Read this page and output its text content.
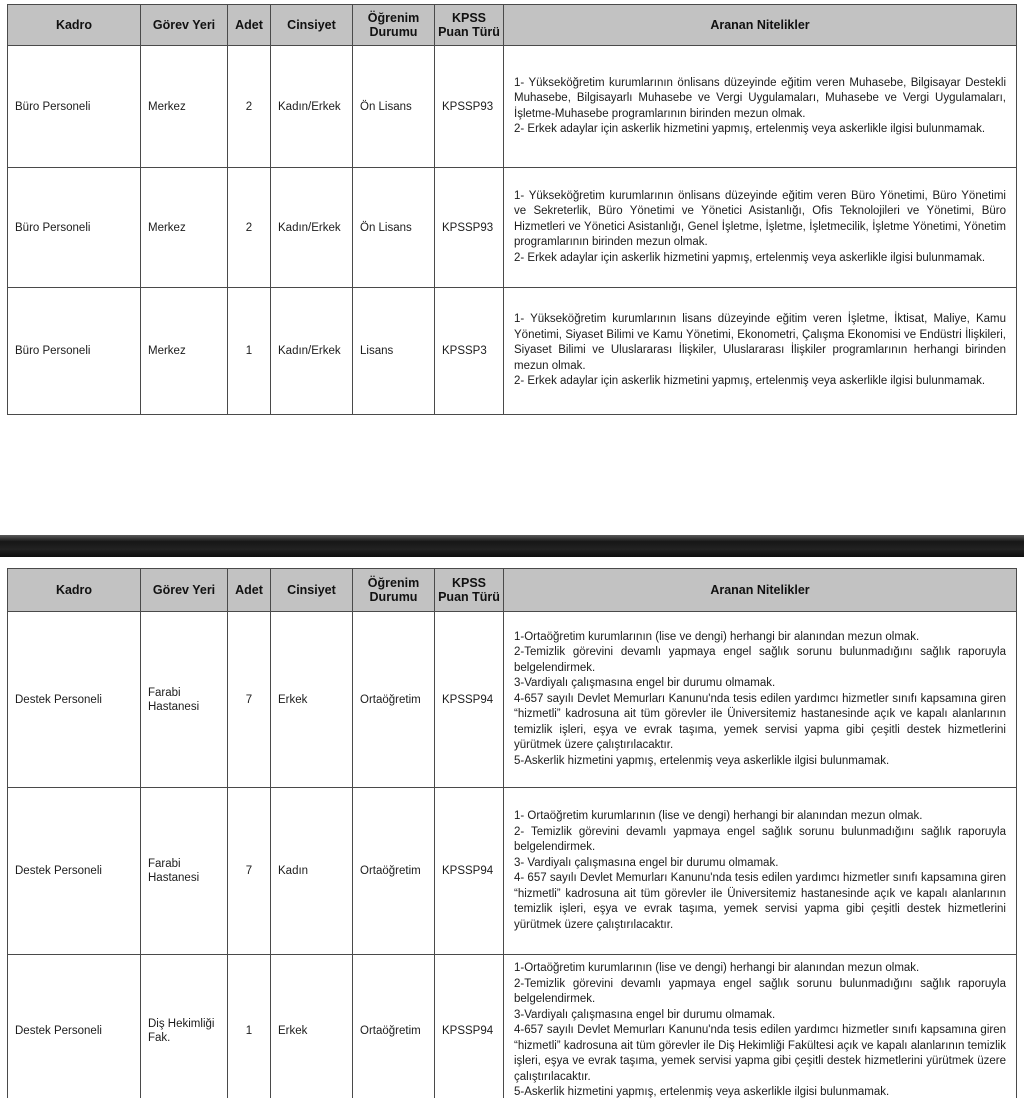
Kadro	Görev Yeri	Adet	Cinsiyet	Öğrenim Durumu	KPSS Puan Türü	Aranan Nitelikler
Büro Personeli	Merkez	2	Kadın/Erkek	Ön Lisans	KPSSP93	1- Yükseköğretim kurumlarının önlisans düzeyinde eğitim veren Muhasebe, Bilgisayar Destekli Muhasebe, Bilgisayarlı Muhasebe ve Vergi Uygulamaları, Muhasebe ve Vergi Uygulamaları, İşletme-Muhasebe programlarının birinden mezun olmak.
2- Erkek adaylar için askerlik hizmetini yapmış, ertelenmiş veya askerlikle ilgisi bulunmamak.

Büro Personeli	Merkez	2	Kadın/Erkek	Ön Lisans	KPSSP93	1- Yükseköğretim kurumlarının önlisans düzeyinde eğitim veren Büro Yönetimi, Büro Yönetimi ve Sekreterlik, Büro Yönetimi ve Yönetici Asistanlığı, Ofis Teknolojileri ve Yönetimi, Büro Hizmetleri ve Yönetici Asistanlığı, Genel İşletme, İşletme, İşletmecilik, İşletme Yönetimi, Yönetim programlarının birinden mezun olmak.
2- Erkek adaylar için askerlik hizmetini yapmış, ertelenmiş veya askerlikle ilgisi bulunmamak.

Büro Personeli	Merkez	1	Kadın/Erkek	Lisans	KPSSP3	1- Yükseköğretim kurumlarının lisans düzeyinde eğitim veren İşletme, İktisat, Maliye, Kamu Yönetimi, Siyaset Bilimi ve Kamu Yönetimi, Ekonometri, Çalışma Ekonomisi ve Endüstri İlişkileri, Siyaset Bilimi ve Uluslararası İlişkiler, Uluslararası İlişkiler programlarının herhangi birinden mezun olmak.
2- Erkek adaylar için askerlik hizmetini yapmış, ertelenmiş veya askerlikle ilgisi bulunmamak.
Kadro	Görev Yeri	Adet	Cinsiyet	Öğrenim Durumu	KPSS Puan Türü	Aranan Nitelikler
Destek Personeli	Farabi Hastanesi	7	Erkek	Ortaöğretim	KPSSP94	1-Ortaöğretim kurumlarının (lise ve dengi) herhangi bir alanından mezun olmak.
2-Temizlik görevini devamlı yapmaya engel sağlık sorunu bulunmadığını sağlık raporuyla belgelendirmek.
3-Vardiyalı çalışmasına engel bir durumu olmamak.
4-657 sayılı Devlet Memurları Kanunu'nda tesis edilen yardımcı hizmetler sınıfı kapsamına giren “hizmetli” kadrosuna ait tüm görevler ile Üniversitemiz hastanesinde açık ve kapalı alanlarının temizlik işleri, eşya ve evrak taşıma, yemek servisi yapma gibi çeşitli destek hizmetlerini yürütmek üzere çalıştırılacaktır.
5-Askerlik hizmetini yapmış, ertelenmiş veya askerlikle ilgisi bulunmamak.

Destek Personeli	Farabi Hastanesi	7	Kadın	Ortaöğretim	KPSSP94	1- Ortaöğretim kurumlarının (lise ve dengi) herhangi bir alanından mezun olmak.
2- Temizlik görevini devamlı yapmaya engel sağlık sorunu bulunmadığını sağlık raporuyla belgelendirmek.
3- Vardiyalı çalışmasına engel bir durumu olmamak.
4- 657 sayılı Devlet Memurları Kanunu'nda tesis edilen yardımcı hizmetler sınıfı kapsamına giren “hizmetli” kadrosuna ait tüm görevler ile Üniversitemiz hastanesinde açık ve kapalı alanlarının temizlik işleri, eşya ve evrak taşıma, yemek servisi yapma gibi çeşitli destek hizmetlerini yürütmek üzere çalıştırılacaktır.

Destek Personeli	Diş Hekimliği Fak.	1	Erkek	Ortaöğretim	KPSSP94	1-Ortaöğretim kurumlarının (lise ve dengi) herhangi bir alanından mezun olmak.
2-Temizlik görevini devamlı yapmaya engel sağlık sorunu bulunmadığını sağlık raporuyla belgelendirmek.
3-Vardiyalı çalışmasına engel bir durumu olmamak.
4-657 sayılı Devlet Memurları Kanunu'nda tesis edilen yardımcı hizmetler sınıfı kapsamına giren “hizmetli” kadrosuna ait tüm görevler ile Diş Hekimliği Fakültesi açık ve kapalı alanlarının temizlik işleri, eşya ve evrak taşıma, yemek servisi yapma gibi çeşitli destek hizmetlerini yürütmek üzere çalıştırılacaktır.
5-Askerlik hizmetini yapmış, ertelenmiş veya askerlikle ilgisi bulunmamak.
